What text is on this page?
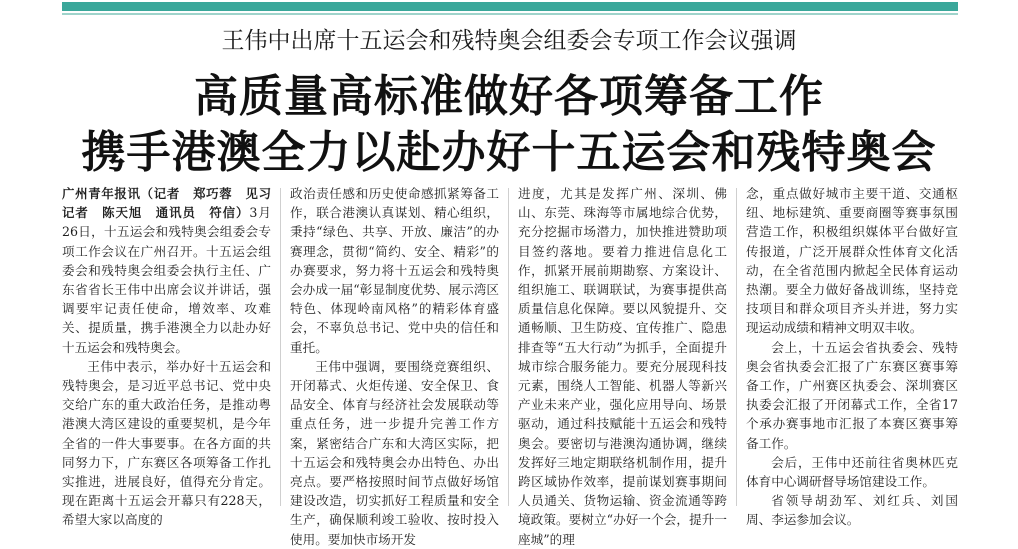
王伟中出席十五运会和残特奥会组委会专项工作会议强调
高质量高标准做好各项筹备工作
携手港澳全力以赴办好十五运会和残特奥会

广州青年报讯（记者　郑巧蓉　见习记者　陈天旭　通讯员　符信）3月26日，十五运会和残特奥会组委会专项工作会议在广州召开。十五运会组委会和残特奥会组委会执行主任、广东省省长王伟中出席会议并讲话，强调要牢记责任使命，增效率、攻难关、提质量，携手港澳全力以赴办好十五运会和残特奥会。

王伟中表示，举办好十五运会和残特奥会，是习近平总书记、党中央交给广东的重大政治任务，是推动粤港澳大湾区建设的重要契机，是今年全省的一件大事要事。在各方面的共同努力下，广东赛区各项筹备工作扎实推进，进展良好，值得充分肯定。现在距离十五运会开幕只有228天，希望大家以高度的

政治责任感和历史使命感抓紧筹备工作，联合港澳认真谋划、精心组织，秉持“绿色、共享、开放、廉洁”的办赛理念，贯彻“简约、安全、精彩”的办赛要求，努力将十五运会和残特奥会办成一届“彰显制度优势、展示湾区特色、体现岭南风格”的精彩体育盛会，不辜负总书记、党中央的信任和重托。

王伟中强调，要围绕竞赛组织、开闭幕式、火炬传递、安全保卫、食品安全、体育与经济社会发展联动等重点任务，进一步提升完善工作方案，紧密结合广东和大湾区实际，把十五运会和残特奥会办出特色、办出亮点。要严格按照时间节点做好场馆建设改造，切实抓好工程质量和安全生产，确保顺利竣工验收、按时投入使用。要加快市场开发

进度，尤其是发挥广州、深圳、佛山、东莞、珠海等市属地综合优势，充分挖掘市场潜力，加快推进赞助项目签约落地。要着力推进信息化工作，抓紧开展前期勘察、方案设计、组织施工、联调联试，为赛事提供高质量信息化保障。要以风貌提升、交通畅顺、卫生防疫、宜传推广、隐患排查等“五大行动”为抓手，全面提升城市综合服务能力。要充分展现科技元素，围绕人工智能、机器人等新兴产业未来产业，强化应用导向、场景驱动，通过科技赋能十五运会和残特奥会。要密切与港澳沟通协调，继续发挥好三地定期联络机制作用，提升跨区域协作效率，提前谋划赛事期间人员通关、货物运输、资金流通等跨境政策。要树立“办好一个会，提升一座城”的理

念，重点做好城市主要干道、交通枢纽、地标建筑、重要商圈等赛事氛围营造工作，积极组织媒体平台做好宣传报道，广泛开展群众性体育文化活动，在全省范围内掀起全民体育运动热潮。要全力做好备战训练，坚持竞技项目和群众项目齐头并进，努力实现运动成绩和精神文明双丰收。

会上，十五运会省执委会、残特奥会省执委会汇报了广东赛区赛事筹备工作，广州赛区执委会、深圳赛区执委会汇报了开闭幕式工作，全省17个承办赛事地市汇报了本赛区赛事筹备工作。

会后，王伟中还前往省奥林匹克体育中心调研督导场馆建设工作。

省领导胡劲军、刘红兵、刘国周、李运参加会议。
